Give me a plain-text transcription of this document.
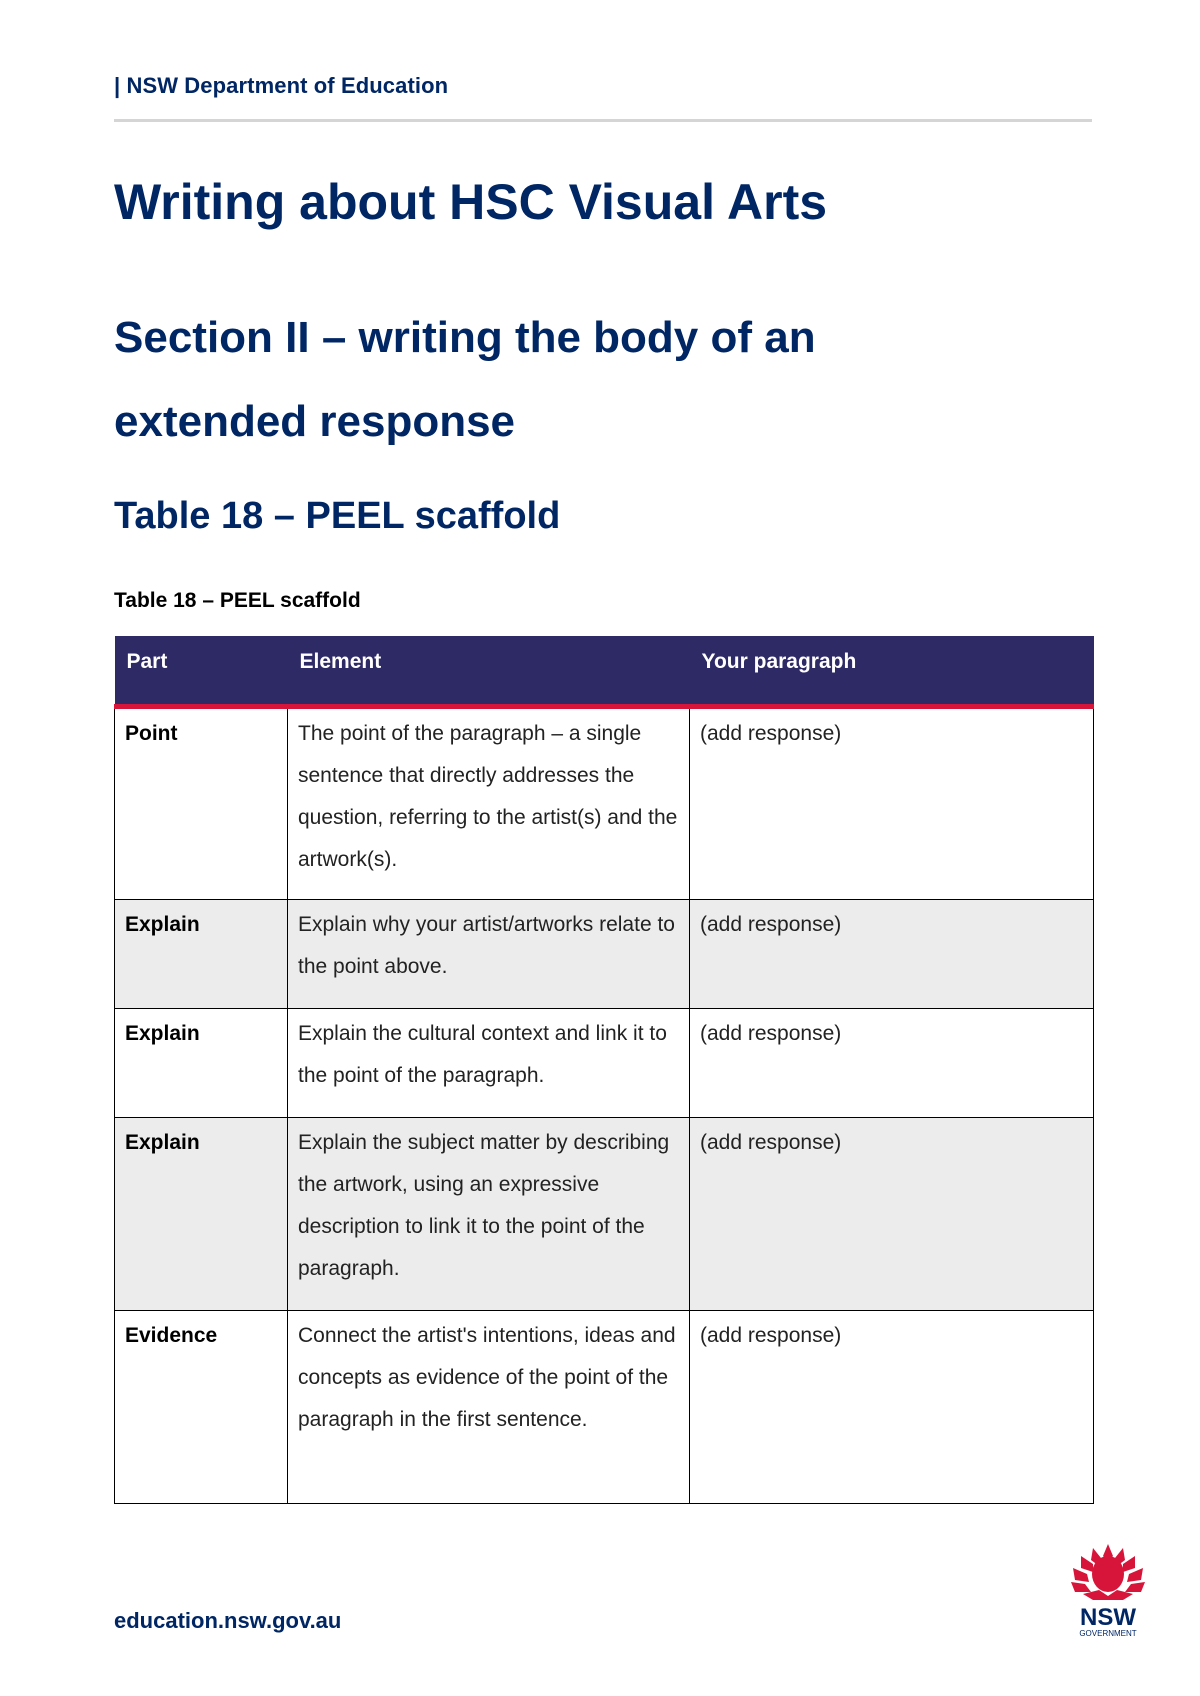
| NSW Department of Education
Writing about HSC Visual Arts
Section II – writing the body of an extended response
Table 18 – PEEL scaffold
Table 18 – PEEL scaffold
Part	Element	Your paragraph
Point	The point of the paragraph – a single sentence that directly addresses the question, referring to the artist(s) and the artwork(s).	(add response)
Explain	Explain why your artist/artworks relate to the point above.	(add response)
Explain	Explain the cultural context and link it to the point of the paragraph.	(add response)
Explain	Explain the subject matter by describing the artwork, using an expressive description to link it to the point of the paragraph.	(add response)
Evidence	Connect the artist's intentions, ideas and concepts as evidence of the point of the paragraph in the first sentence.	(add response)
education.nsw.gov.au	NSW
GOVERNMENT
